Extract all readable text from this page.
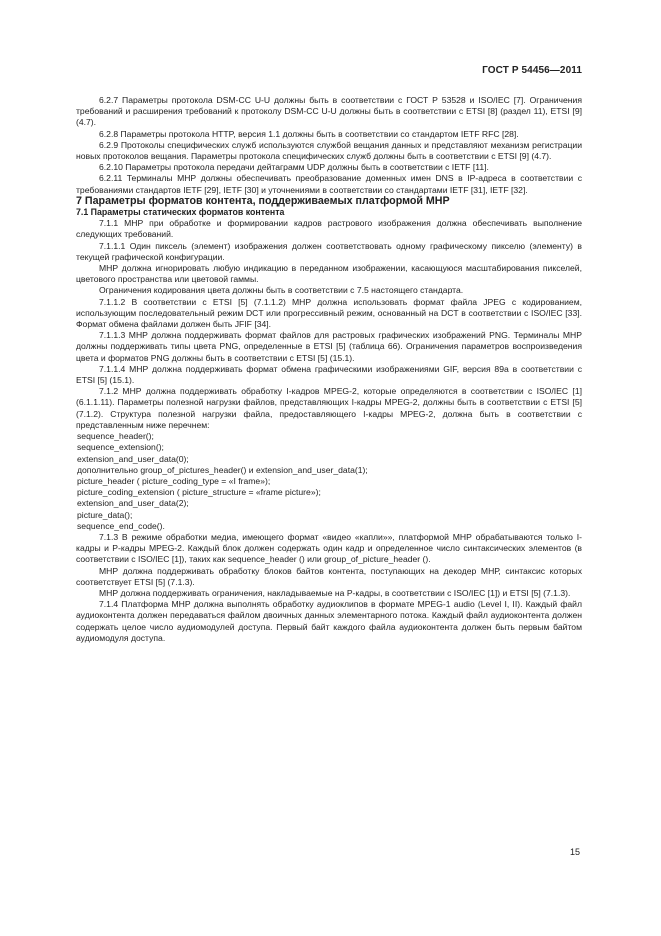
ГОСТ Р 54456—2011

6.2.7 Параметры протокола DSM-CC U-U должны быть в соответствии с ГОСТ Р 53528 и ISO/IEC [7]. Ограничения требований и расширения требований к протоколу DSM-CC U-U должны быть в соответствии с ETSI [8] (раздел 11), ETSI [9] (4.7).

6.2.8 Параметры протокола HTTP, версия 1.1 должны быть в соответствии со стандартом IETF RFC [28].

6.2.9 Протоколы специфических служб используются службой вещания данных и представляют механизм регистрации новых протоколов вещания. Параметры протокола специфических служб должны быть в соответствии с ETSI [9] (4.7).

6.2.10 Параметры протокола передачи дейтаграмм UDP должны быть в соответствии с IETF [11].

6.2.11 Терминалы МНР должны обеспечивать преобразование доменных имен DNS в IP-адреса в соответствии с требованиями стандартов IETF [29], IETF [30] и уточнениями в соответствии со стандартами IETF [31], IETF [32].

7 Параметры форматов контента, поддерживаемых платформой МНР

7.1 Параметры статических форматов контента

7.1.1 МНР при обработке и формировании кадров растрового изображения должна обеспечивать выполнение следующих требований.

7.1.1.1 Один пиксель (элемент) изображения должен соответствовать одному графическому пикселю (элементу) в текущей графической конфигурации.

МНР должна игнорировать любую индикацию в переданном изображении, касающуюся масштабирования пикселей, цветового пространства или цветовой гаммы.

Ограничения кодирования цвета должны быть в соответствии с 7.5 настоящего стандарта.

7.1.1.2 В соответствии с ETSI [5] (7.1.1.2) МНР должна использовать формат файла JPEG с кодированием, использующим последовательный режим DCT или прогрессивный режим, основанный на DCT в соответствии с ISO/IEC [33]. Формат обмена файлами должен быть JFIF [34].

7.1.1.3 МНР должна поддерживать формат файлов для растровых графических изображений PNG. Терминалы МНР должны поддерживать типы цвета PNG, определенные в ETSI [5] (таблица 66). Ограничения параметров воспроизведения цвета и форматов PNG должны быть в соответствии с ETSI [5] (15.1).

7.1.1.4 МНР должна поддерживать формат обмена графическими изображениями GIF, версия 89a в соответствии с ETSI [5] (15.1).

7.1.2 МНР должна поддерживать обработку I-кадров MPEG-2, которые определяются в соответствии с ISO/IEC [1] (6.1.1.11). Параметры полезной нагрузки файлов, представляющих I-кадры MPEG-2, должны быть в соответствии с ETSI [5] (7.1.2). Структура полезной нагрузки файла, предоставляющего I-кадры MPEG-2, должна быть в соответствии с представленным ниже перечнем:

sequence_header();

sequence_extension();

extension_and_user_data(0);

дополнительно group_of_pictures_header() и extension_and_user_data(1);

picture_header ( picture_coding_type = «I frame»);

picture_coding_extension ( picture_structure = «frame picture»);

extension_and_user_data(2);

picture_data();

sequence_end_code().

7.1.3 В режиме обработки медиа, имеющего формат «видео «капли»», платформой МНР обрабатываются только I-кадры и P-кадры MPEG-2. Каждый блок должен содержать один кадр и определенное число синтаксических элементов (в соответствии с ISO/IEC [1]), таких как sequence_header () или group_of_picture_header ().

МНР должна поддерживать обработку блоков байтов контента, поступающих на декодер МНР, синтаксис которых соответствует ETSI [5] (7.1.3).

МНР должна поддерживать ограничения, накладываемые на P-кадры, в соответствии с ISO/IEC [1]) и ETSI [5] (7.1.3).

7.1.4 Платформа МНР должна выполнять обработку аудиоклипов в формате MPEG-1 audio (Level I, II). Каждый файл аудиоконтента должен передаваться файлом двоичных данных элементарного потока. Каждый файл аудиоконтента должен содержать целое число аудиомодулей доступа. Первый байт каждого файла аудиоконтента должен быть первым байтом аудиомодуля доступа.

15
